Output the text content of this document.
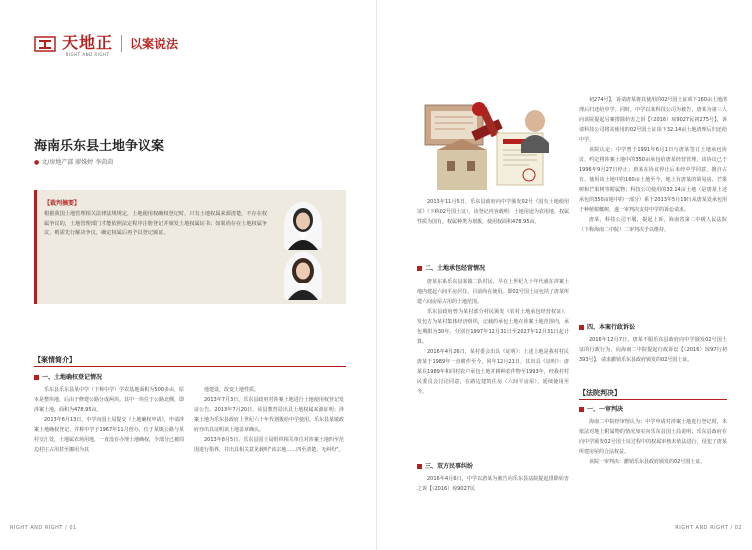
天地正
RIGHT AND RIGHT
以案说法
海南乐东县土地争议案
● 文/房地产部 廖姝婷 李茵茵
【裁判摘要】
根据我国土地管理相关法律法规规定，土地使用权确权登记时，只有土地权属来源清楚，不存在权属争议的，土地管理部门才能依照法定程序注册登记并颁发土地权属证书；如果尚存在土地权属争议，则需先行解决争议，确定权属后再予以登记颁证。
【案情简介】
一、土地确权登记情况

乐东县乐东县某中学（下称中学）学农基地面积为500多亩，原本是整块地，后由于修建公路分成两块。其中一块位于公路北侧，即涉案土地，面积为478.95亩。

2013年6月13日，中学向国土局提交《土地确权申请》，申请涉案土地确权登记，并称中学于1967年11月创办，位于某镇公路与某村交汇处，土地属农场用地，一直没有办理土地确权，少部分已被周边村庄占用甚至挪用为其

他建设，改变土地性质。

2013年7月3日，乐东县政府对涉案土地进行土地使用权登记发证公告。2013年7月20日，该县教育局出具土地权属来源证明；涉案土地为乐东县政府上世纪六十年代划拨给中学使用。乐东县某镇政府亦出具证明该土地盖章确认。

2013年8月5日，乐东县国土局组织相关单位对涉案土地四至范围进行指界，并出具相关意见载明"该宗地……四至清楚，无纠纷"。

RIGHT AND RIGHT / 01

2013年11月5日，乐东县政府向中学颁发02号《国有土地使用证》（下称02号国土证），该登记内容载明：土地用途为农用地，权属性质为国有，权属种类为划拨，使用权面积478.95亩。

二、土地承包经营情况

唐某东系乐东县某镇二队村民，早在上世纪九十年代就在涉案土地内建起六间平房居住，目前尚在使用。即02号国土证包括了唐某所建六间房屋占用的土地范围。

乐东县政府曾为某村部分村民颁发《农村土地承包经营权证》，发包方为某村集体经济组织，记载的承包土地在涉案土地范围内，承包期限为30年，分别自1997年12月31日至2027年12月31日起计算。

2016年4月26日，某村委会出具《证明》：上述土地是我村村民唐某于1989年一直耕作至今。同年12月21日，其出具《证明》：唐某在1989年和同村农户承包土地并耕种农作物至1993年，经我村村民委员会讨论同意，在路边建筑住房（六间平房屋），延续使用至今。

三、双方民事纠纷

2016年4月6日，中学以唐某为被告向乐东县法院提起排除妨害之诉【（2016）琼9027民

初274号】，诉请唐某将其使用的02号国土证项下160亩土地清理后归还给中学。同时，中学以某科技公司为被告，唐某为第三人向该院提起另案排除妨害之诉【（2016）琼9027民初275号】，诉请科技公司将其使用的02号国土证项下32.14亩土地清理后归还给中学。

该院认定：中学曾于1991年6月1日与唐某签订土地承包协议，约定将涉案土地中的350亩承包给唐某经营管理，该协议已于1996年9月27日停止；唐某在协议停止后未经中学同意，擅自占有、使用该土地中的160亩土地至今，地上有唐某的简易房、芒果树和芒果树等附属物；科技公司使用的32.14亩土地（是唐某上述承包的350亩地中的一部分）系于2013年5月19日从唐某处承包用于种植槟榔树，遂一审判决支持中学的诉讼请求。

唐某、科技公司不服，提起上诉，海南省第二中级人民法院（下称海南二中院）二审判决予以维持。

四、本案行政诉讼

2016年12月7日，唐某不服乐东县政府向中学颁发02号国土证的行政行为，向海南二中院提起行政诉讼【（2016）琼97行初393号】，请求撤销乐东县政府颁发的02号国土证。

【法院判决】
一、一审判决

海南二中院经审理认为：中学申请对涉案土地进行登记时，未依法对地上附属物的情况加实向乐东县国土局说明；乐东县政府在向中学颁发02号国土证过程中的权属审核未依法进行，侵犯了唐某所建房屋的合法权益。

该院一审判决：撤销乐东县政府颁发的02号国土证。

RIGHT AND RIGHT / 02
